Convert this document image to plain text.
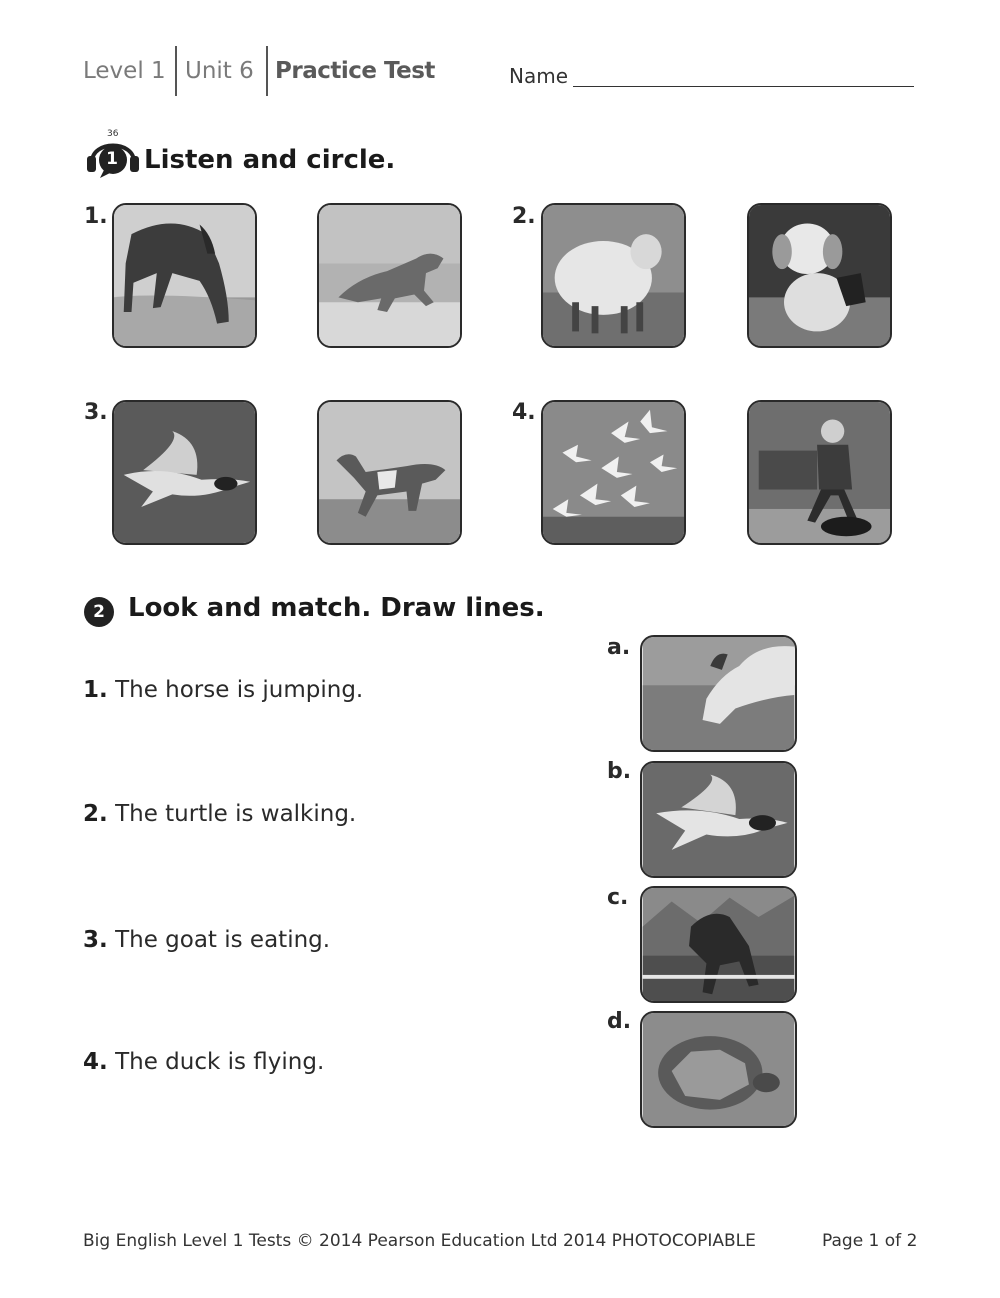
Level 1 Unit 6 Practice Test	Name
36
1 Listen and circle.
1.	2.
3.	4.
2 Look and match. Draw lines.
1. The horse is jumping.
2. The turtle is walking.
3. The goat is eating.
4. The duck is flying.
a.
b.
c.
d.
Big English Level 1 Tests © 2014 Pearson Education Ltd 2014 PHOTOCOPIABLE	Page 1 of 2
